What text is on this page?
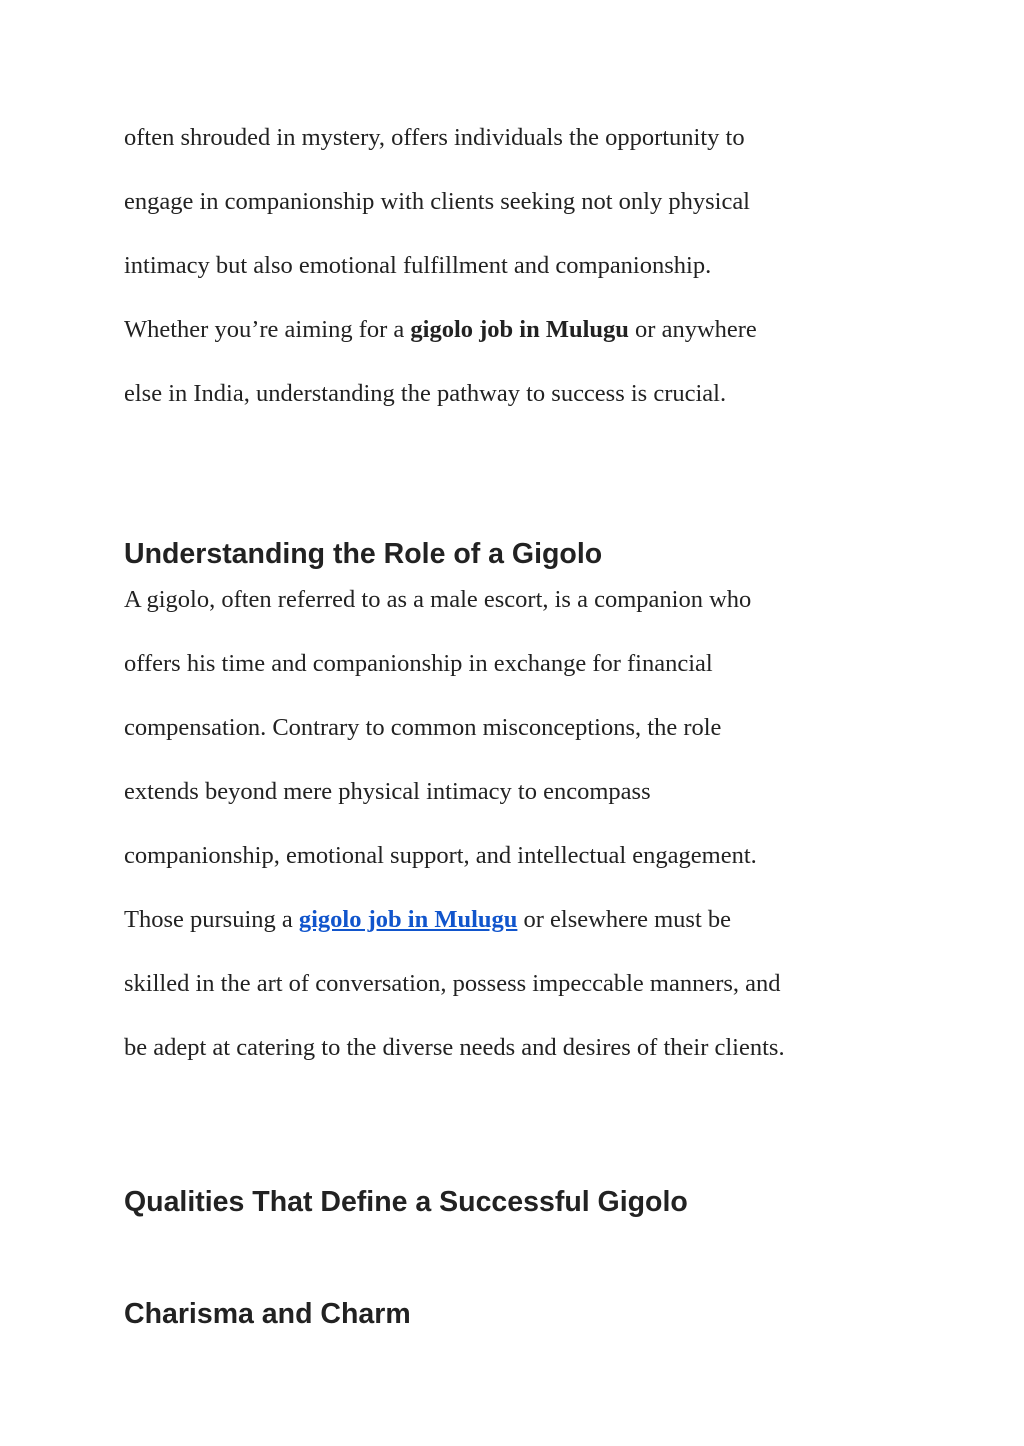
often shrouded in mystery, offers individuals the opportunity to
engage in companionship with clients seeking not only physical
intimacy but also emotional fulfillment and companionship.
Whether you’re aiming for a gigolo job in Mulugu or anywhere
else in India, understanding the pathway to success is crucial.
Understanding the Role of a Gigolo
A gigolo, often referred to as a male escort, is a companion who
offers his time and companionship in exchange for financial
compensation. Contrary to common misconceptions, the role
extends beyond mere physical intimacy to encompass
companionship, emotional support, and intellectual engagement.
Those pursuing a gigolo job in Mulugu or elsewhere must be
skilled in the art of conversation, possess impeccable manners, and
be adept at catering to the diverse needs and desires of their clients.
Qualities That Define a Successful Gigolo
Charisma and Charm
